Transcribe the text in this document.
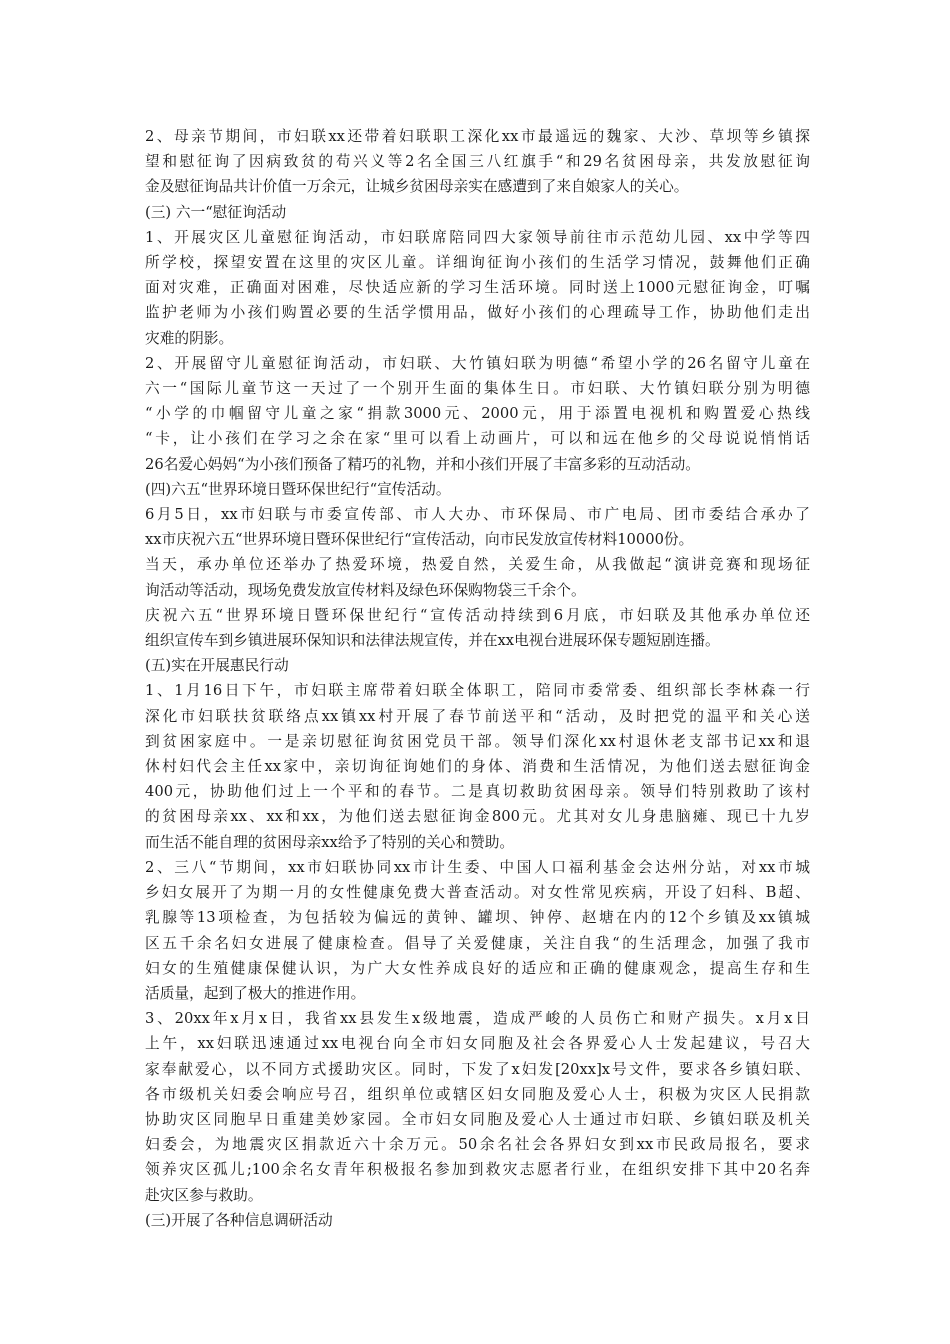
2、母亲节期间，市妇联xx还带着妇联职工深化xx市最遥远的魏家、大沙、草坝等乡镇探
望和慰征询了因病致贫的苟兴义等2名全国三八红旗手“和29名贫困母亲，共发放慰征询
金及慰征询品共计价值一万余元，让城乡贫困母亲实在感遭到了来自娘家人的关心。
(三) 六一“慰征询活动
1、开展灾区儿童慰征询活动，市妇联席陪同四大家领导前往市示范幼儿园、xx中学等四
所学校，探望安置在这里的灾区儿童。详细询征询小孩们的生活学习情况，鼓舞他们正确
面对灾难，正确面对困难，尽快适应新的学习生活环境。同时送上1000元慰征询金，叮嘱
监护老师为小孩们购置必要的生活学惯用品，做好小孩们的心理疏导工作，协助他们走出
灾难的阴影。
2、开展留守儿童慰征询活动，市妇联、大竹镇妇联为明德“希望小学的26名留守儿童在
六一“国际儿童节这一天过了一个别开生面的集体生日。市妇联、大竹镇妇联分别为明德
“小学的巾帼留守儿童之家“捐款3000元、2000元，用于添置电视机和购置爱心热线
“卡，让小孩们在学习之余在家“里可以看上动画片，可以和远在他乡的父母说说悄悄话
26名爱心妈妈“为小孩们预备了精巧的礼物，并和小孩们开展了丰富多彩的互动活动。
(四)六五“世界环境日暨环保世纪行“宣传活动。
6月5日，xx市妇联与市委宣传部、市人大办、市环保局、市广电局、团市委结合承办了
xx市庆祝六五“世界环境日暨环保世纪行“宣传活动，向市民发放宣传材料10000份。
当天，承办单位还举办了热爱环境，热爱自然，关爱生命，从我做起“演讲竞赛和现场征
询活动等活动，现场免费发放宣传材料及绿色环保购物袋三千余个。
庆祝六五“世界环境日暨环保世纪行“宣传活动持续到6月底，市妇联及其他承办单位还
组织宣传车到乡镇进展环保知识和法律法规宣传，并在xx电视台进展环保专题短剧连播。
(五)实在开展惠民行动
1、1月16日下午，市妇联主席带着妇联全体职工，陪同市委常委、组织部长李林森一行
深化市妇联扶贫联络点xx镇xx村开展了春节前送平和“活动，及时把党的温平和关心送
到贫困家庭中。一是亲切慰征询贫困党员干部。领导们深化xx村退休老支部书记xx和退
休村妇代会主任xx家中，亲切询征询她们的身体、消费和生活情况，为他们送去慰征询金
400元，协助他们过上一个平和的春节。二是真切救助贫困母亲。领导们特别救助了该村
的贫困母亲xx、xx和xx，为他们送去慰征询金800元。尤其对女儿身患脑瘫、现已十九岁
而生活不能自理的贫困母亲xx给予了特别的关心和赞助。
2、三八“节期间，xx市妇联协同xx市计生委、中国人口福利基金会达州分站，对xx市城
乡妇女展开了为期一月的女性健康免费大普查活动。对女性常见疾病，开设了妇科、B超、
乳腺等13项检查，为包括较为偏远的黄钟、罐坝、钟停、赵塘在内的12个乡镇及xx镇城
区五千余名妇女进展了健康检查。倡导了关爱健康，关注自我“的生活理念，加强了我市
妇女的生殖健康保健认识，为广大女性养成良好的适应和正确的健康观念，提高生存和生
活质量，起到了极大的推进作用。
3、20xx年x月x日，我省xx县发生x级地震，造成严峻的人员伤亡和财产损失。x月x日
上午，xx妇联迅速通过xx电视台向全市妇女同胞及社会各界爱心人士发起建议，号召大
家奉献爱心，以不同方式援助灾区。同时，下发了x妇发[20xx]x号文件，要求各乡镇妇联、
各市级机关妇委会响应号召，组织单位或辖区妇女同胞及爱心人士，积极为灾区人民捐款
协助灾区同胞早日重建美妙家园。全市妇女同胞及爱心人士通过市妇联、乡镇妇联及机关
妇委会，为地震灾区捐款近六十余万元。50余名社会各界妇女到xx市民政局报名，要求
领养灾区孤儿;100余名女青年积极报名参加到救灾志愿者行业，在组织安排下其中20名奔
赴灾区参与救助。
(三)开展了各种信息调研活动
